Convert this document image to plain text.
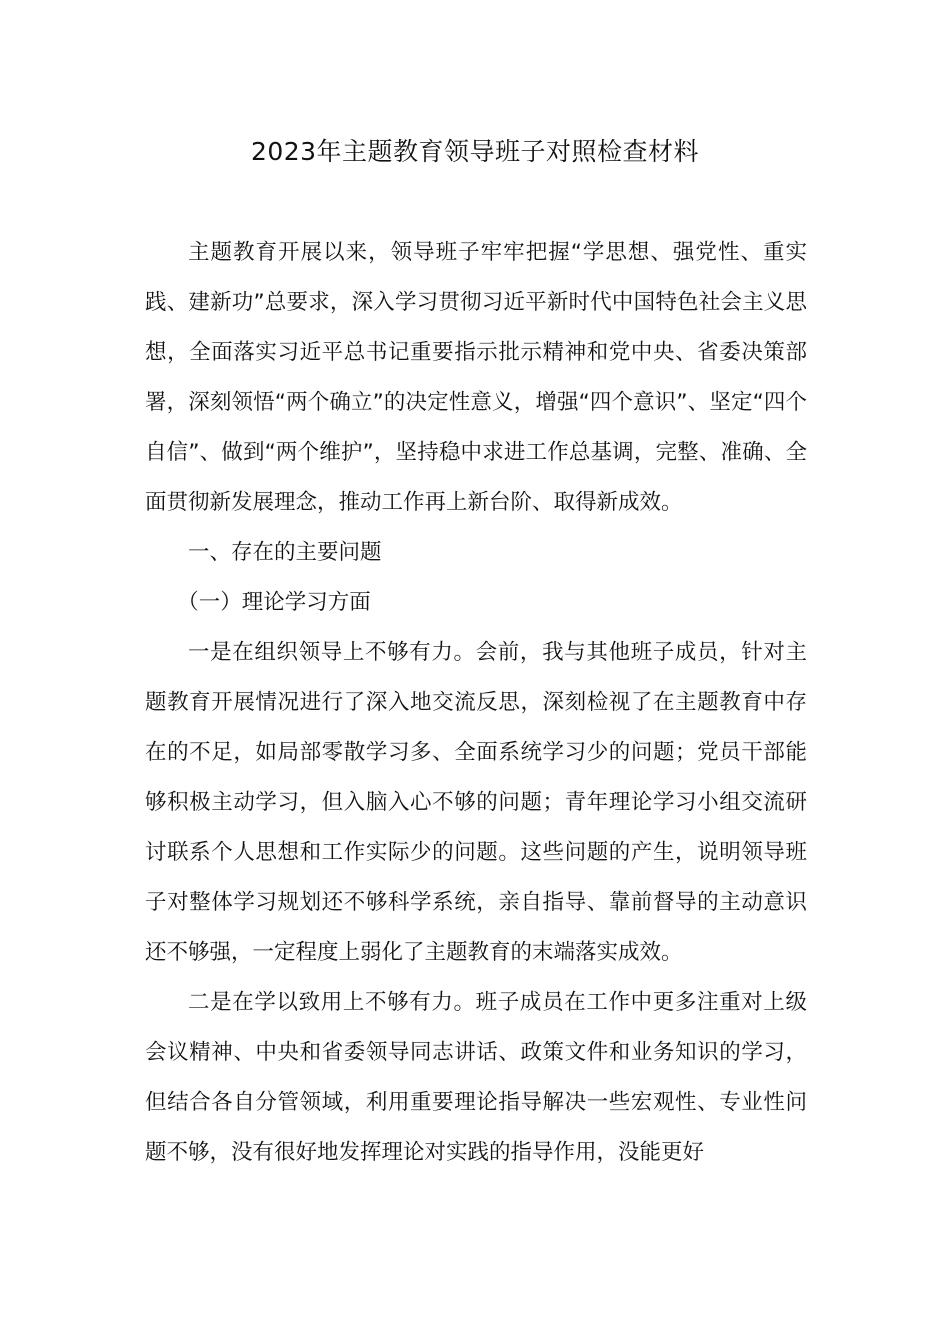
2023年主题教育领导班子对照检查材料

主题教育开展以来，领导班子牢牢把握“学思想、强党性、重实践、建新功”总要求，深入学习贯彻习近平新时代中国特色社会主义思想，全面落实习近平总书记重要指示批示精神和党中央、省委决策部署，深刻领悟“两个确立”的决定性意义，增强“四个意识”、坚定“四个自信”、做到“两个维护”，坚持稳中求进工作总基调，完整、准确、全面贯彻新发展理念，推动工作再上新台阶、取得新成效。

一、存在的主要问题

（一）理论学习方面

一是在组织领导上不够有力。会前，我与其他班子成员，针对主题教育开展情况进行了深入地交流反思，深刻检视了在主题教育中存在的不足，如局部零散学习多、全面系统学习少的问题；党员干部能够积极主动学习，但入脑入心不够的问题；青年理论学习小组交流研讨联系个人思想和工作实际少的问题。这些问题的产生，说明领导班子对整体学习规划还不够科学系统，亲自指导、靠前督导的主动意识还不够强，一定程度上弱化了主题教育的末端落实成效。

二是在学以致用上不够有力。班子成员在工作中更多注重对上级会议精神、中央和省委领导同志讲话、政策文件和业务知识的学习，但结合各自分管领域，利用重要理论指导解决一些宏观性、专业性问题不够，没有很好地发挥理论对实践的指导作用，没能更好
